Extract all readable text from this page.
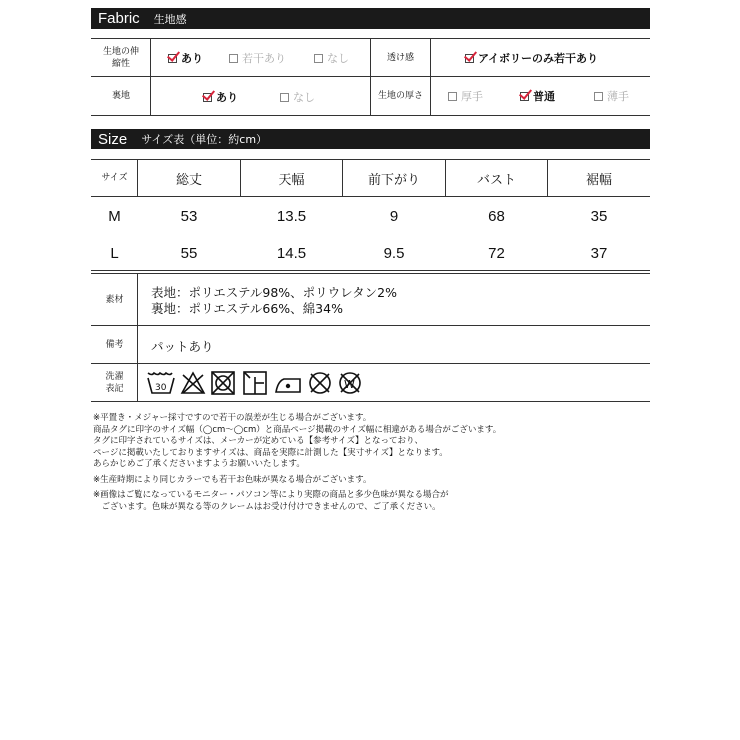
Fabric 生地感
生地の伸縮性	あり	若干あり	なし	透け感	アイボリーのみ若干あり
裏地	あり	なし	生地の厚さ	厚手	普通	薄手
Size サイズ表（単位：約cm）
サイズ	総丈	天幅	前下がり	バスト	裾幅
M	53	13.5	9	68	35
L	55	14.5	9.5	72	37
素材 表地：ポリエステル98%、ポリウレタン2%
裏地：ポリエステル66%、綿34%
備考 パットあり
洗濯表記	30	W

※平置き・メジャー採寸ですので若干の誤差が生じる場合がございます。

商品タグに印字のサイズ幅（◯cm〜◯cm）と商品ページ掲載のサイズ幅に相違がある場合がございます。

タグに印字されているサイズは、メーカーが定めている【参考サイズ】となっており、

ページに掲載いたしておりますサイズは、商品を実際に計測した【実寸サイズ】となります。

あらかじめご了承くださいますようお願いいたします。

※生産時期により同じカラーでも若干お色味が異なる場合がございます。

※画像はご覧になっているモニター・パソコン等により実際の商品と多少色味が異なる場合が

　ございます。色味が異なる等のクレームはお受け付けできませんので、ご了承ください。
